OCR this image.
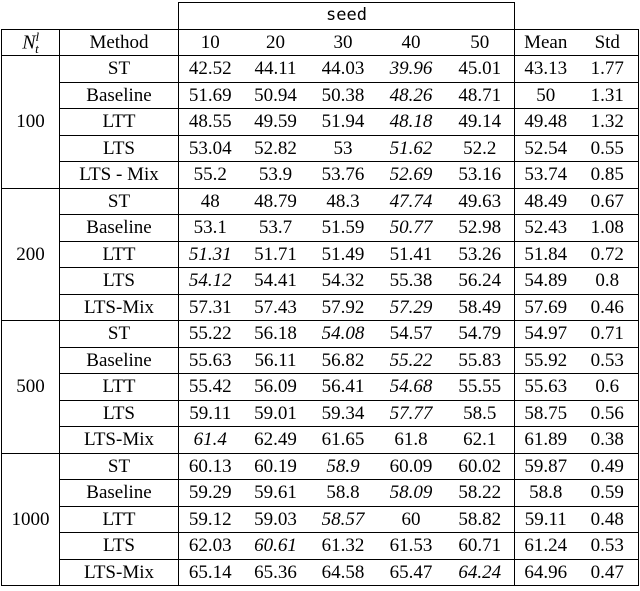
		seed						
$N^l_t$	Method	10	20	30	40	50	Mean	Std
100	ST	42.52	44.11	44.03	39.96	45.01	43.13	1.77
	Baseline	51.69	50.94	50.38	48.26	48.71	50	1.31
	LTT	48.55	49.59	51.94	48.18	49.14	49.48	1.32
	LTS	53.04	52.82	53	51.62	52.2	52.54	0.55
	LTS - Mix	55.2	53.9	53.76	52.69	53.16	53.74	0.85
200	ST	48	48.79	48.3	47.74	49.63	48.49	0.67
	Baseline	53.1	53.7	51.59	50.77	52.98	52.43	1.08
	LTT	51.31	51.71	51.49	51.41	53.26	51.84	0.72
	LTS	54.12	54.41	54.32	55.38	56.24	54.89	0.8
	LTS-Mix	57.31	57.43	57.92	57.29	58.49	57.69	0.46
500	ST	55.22	56.18	54.08	54.57	54.79	54.97	0.71
	Baseline	55.63	56.11	56.82	55.22	55.83	55.92	0.53
	LTT	55.42	56.09	56.41	54.68	55.55	55.63	0.6
	LTS	59.11	59.01	59.34	57.77	58.5	58.75	0.56
	LTS-Mix	61.4	62.49	61.65	61.8	62.1	61.89	0.38
1000	ST	60.13	60.19	58.9	60.09	60.02	59.87	0.49
	Baseline	59.29	59.61	58.8	58.09	58.22	58.8	0.59
	LTT	59.12	59.03	58.57	60	58.82	59.11	0.48
	LTS	62.03	60.61	61.32	61.53	60.71	61.24	0.53
	LTS-Mix	65.14	65.36	64.58	65.47	64.24	64.96	0.47
